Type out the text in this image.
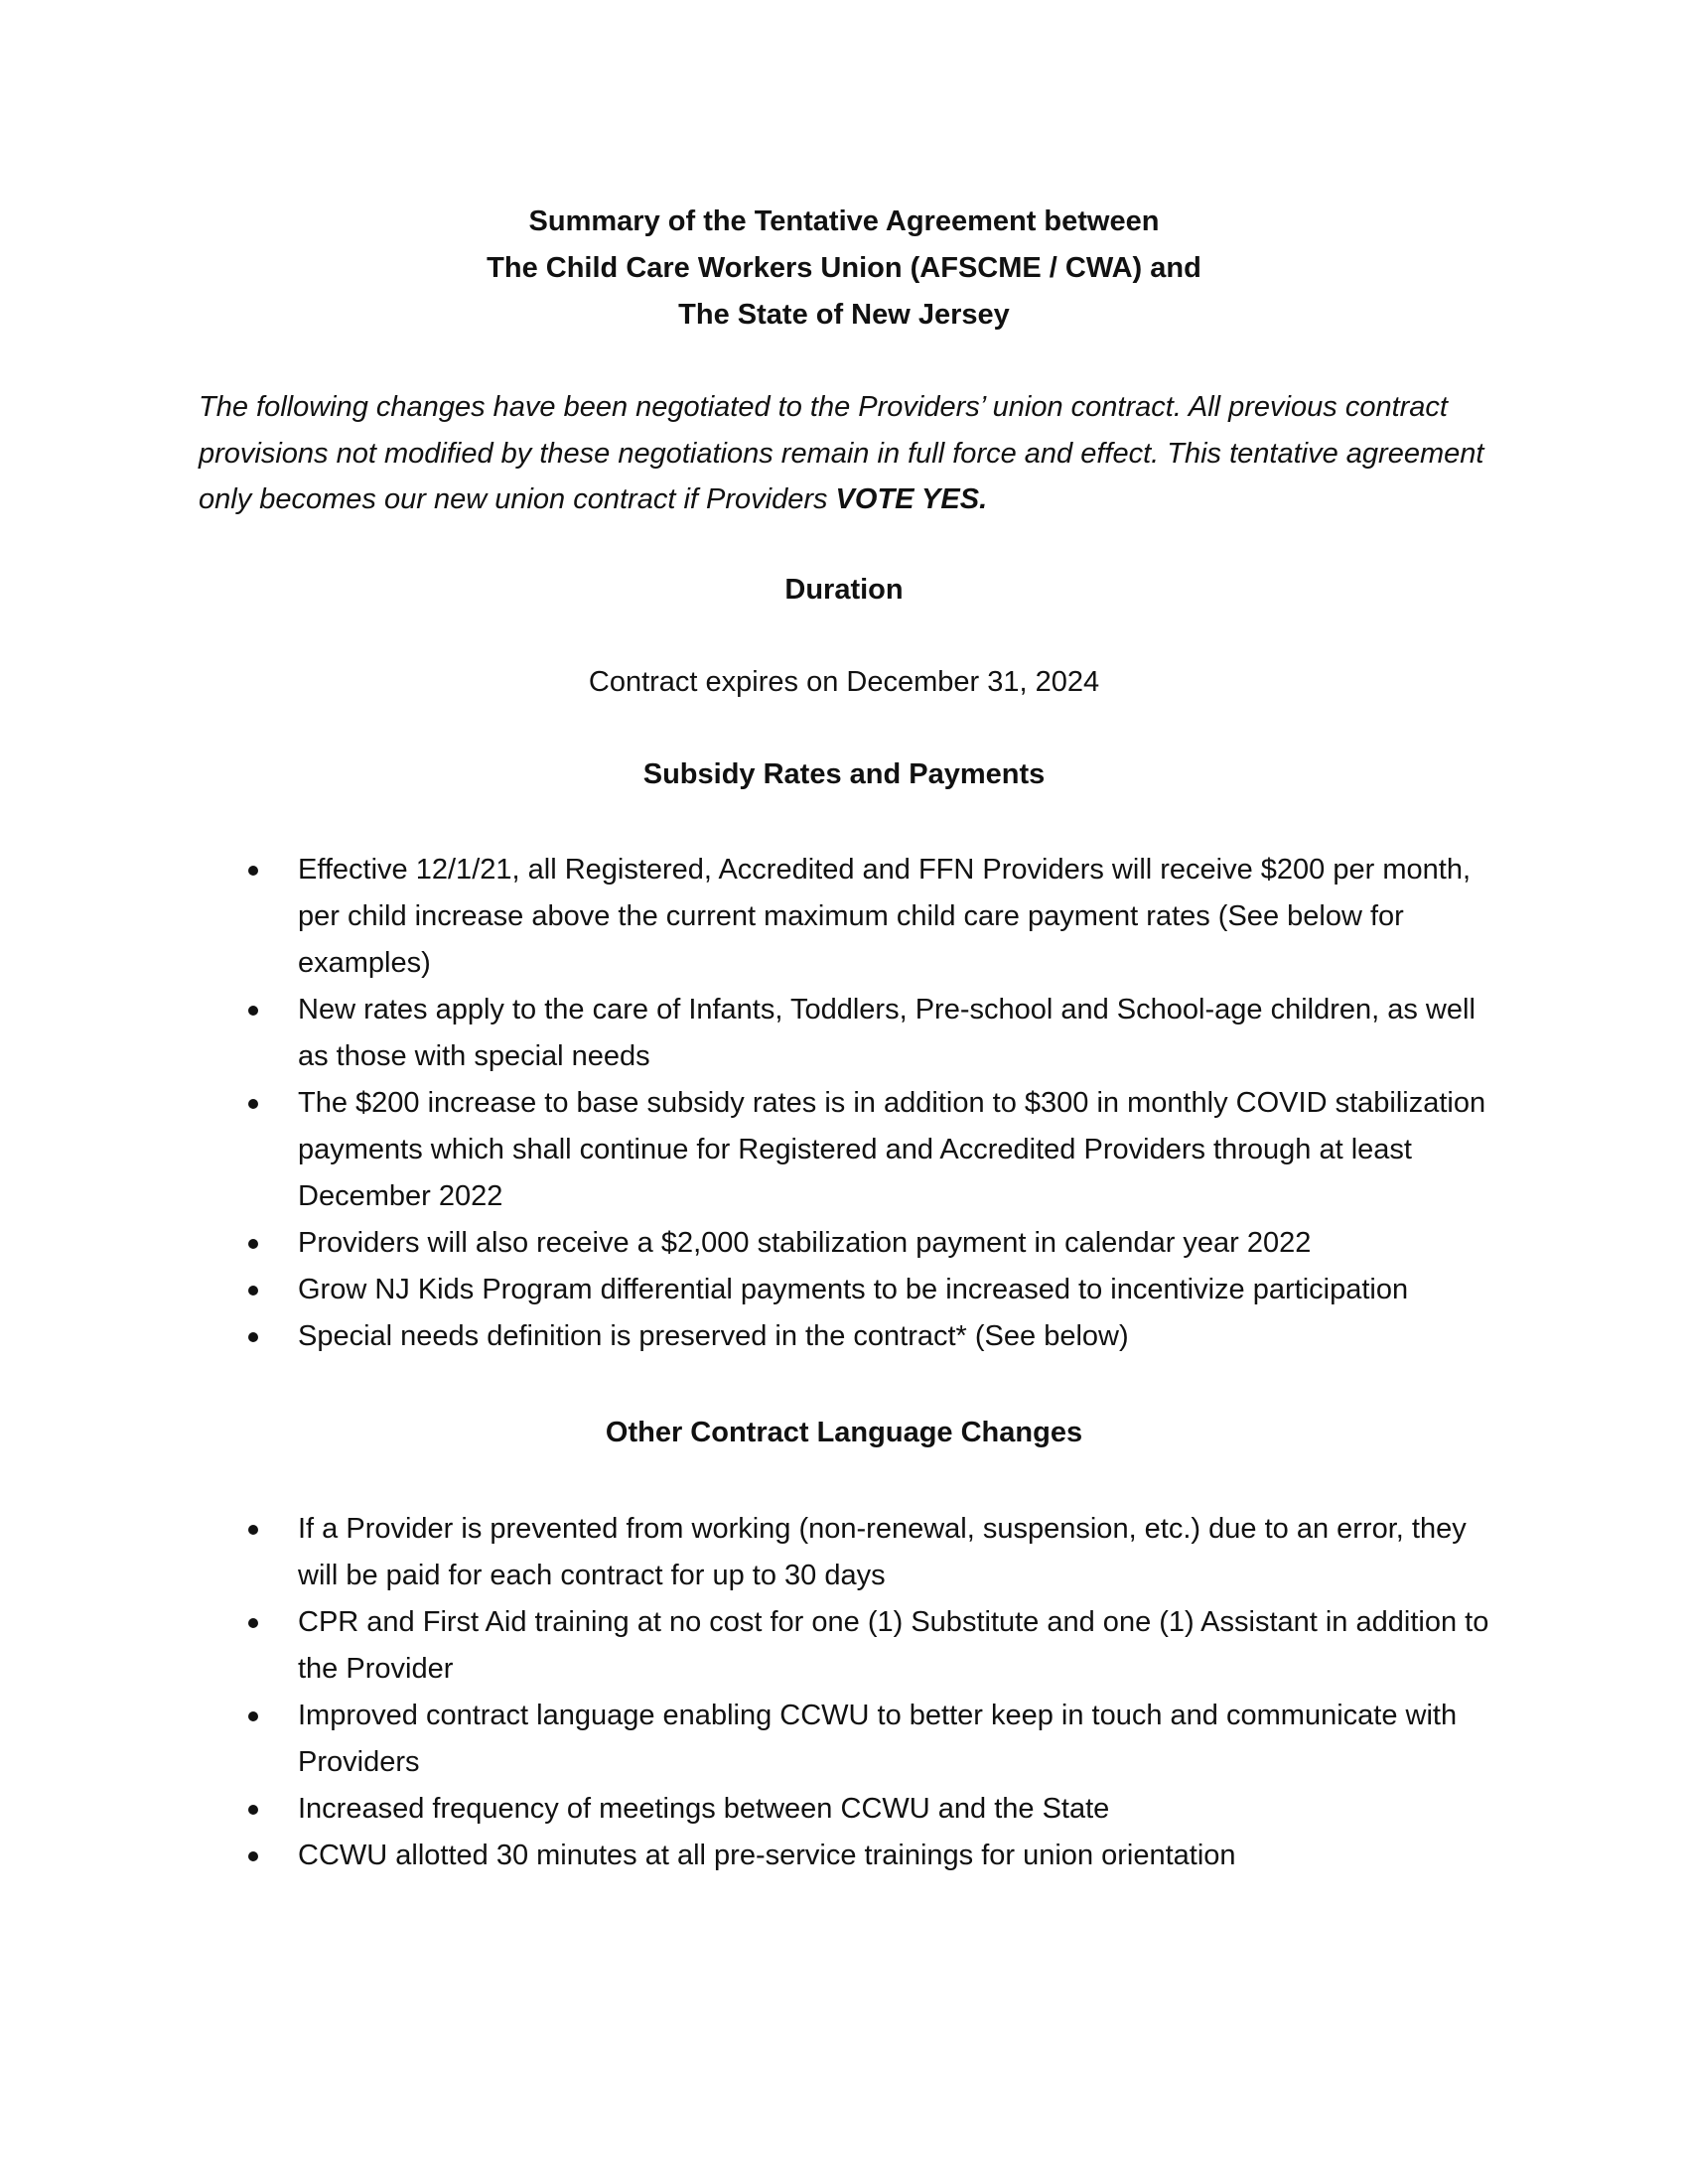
Summary of the Tentative Agreement between
The Child Care Workers Union (AFSCME / CWA) and
The State of New Jersey

The following changes have been negotiated to the Providers’ union contract. All previous contract provisions not modified by these negotiations remain in full force and effect. This tentative agreement only becomes our new union contract if Providers VOTE YES.

Duration
Contract expires on December 31, 2024
Subsidy Rates and Payments
Effective 12/1/21, all Registered, Accredited and FFN Providers will receive $200 per month, per child increase above the current maximum child care payment rates (See below for examples)
New rates apply to the care of Infants, Toddlers, Pre-school and School-age children, as well as those with special needs
The $200 increase to base subsidy rates is in addition to $300 in monthly COVID stabilization payments which shall continue for Registered and Accredited Providers through at least December 2022
Providers will also receive a $2,000 stabilization payment in calendar year 2022
Grow NJ Kids Program differential payments to be increased to incentivize participation
Special needs definition is preserved in the contract* (See below)
Other Contract Language Changes
If a Provider is prevented from working (non-renewal, suspension, etc.) due to an error, they will be paid for each contract for up to 30 days
CPR and First Aid training at no cost for one (1) Substitute and one (1) Assistant in addition to the Provider
Improved contract language enabling CCWU to better keep in touch and communicate with Providers
Increased frequency of meetings between CCWU and the State
CCWU allotted 30 minutes at all pre-service trainings for union orientation
